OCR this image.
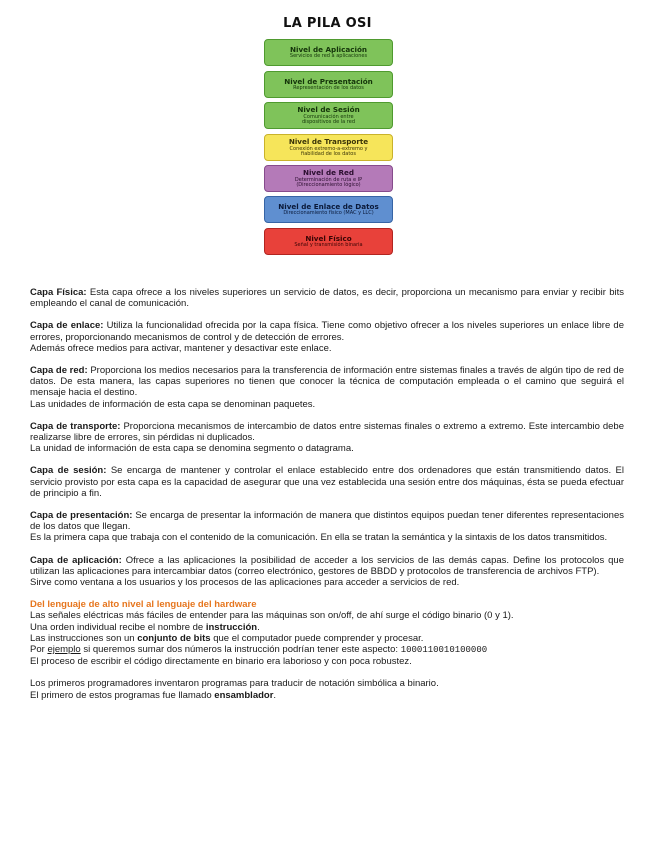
LA PILA OSI
Nivel de Aplicación
Servicios de red a aplicaciones
Nivel de Presentación
Representación de los datos
Nivel de Sesión
Comunicación entre dispositivos de la red
Nivel de Transporte
Conexión extremo-a-extremo y fiabilidad de los datos
Nivel de Red
Determinación de ruta e IP (Direccionamiento lógico)
Nivel de Enlace de Datos
Direccionamiento físico (MAC y LLC)
Nivel Físico
Señal y transmisión binaria

Capa Física: Esta capa ofrece a los niveles superiores un servicio de datos, es decir, proporciona un mecanismo para enviar y recibir bits empleando el canal de comunicación.

Capa de enlace: Utiliza la funcionalidad ofrecida por la capa física. Tiene como objetivo ofrecer a los niveles superiores un enlace libre de errores, proporcionando mecanismos de control y de detección de errores.
Además ofrece medios para activar, mantener y desactivar este enlace.

Capa de red: Proporciona los medios necesarios para la transferencia de información entre sistemas finales a través de algún tipo de red de datos. De esta manera, las capas superiores no tienen que conocer la técnica de computación empleada o el camino que seguirá el mensaje hacia el destino.
Las unidades de información de esta capa se denominan paquetes.

Capa de transporte: Proporciona mecanismos de intercambio de datos entre sistemas finales o extremo a extremo. Este intercambio debe realizarse libre de errores, sin pérdidas ni duplicados.
La unidad de información de esta capa se denomina segmento o datagrama.

Capa de sesión: Se encarga de mantener y controlar el enlace establecido entre dos ordenadores que están transmitiendo datos. El servicio provisto por esta capa es la capacidad de asegurar que una vez establecida una sesión entre dos máquinas, ésta se pueda efectuar de principio a fin.

Capa de presentación: Se encarga de presentar la información de manera que distintos equipos puedan tener diferentes representaciones de los datos que llegan.
Es la primera capa que trabaja con el contenido de la comunicación. En ella se tratan la semántica y la sintaxis de los datos transmitidos.

Capa de aplicación: Ofrece a las aplicaciones la posibilidad de acceder a los servicios de las demás capas. Define los protocolos que utilizan las aplicaciones para intercambiar datos (correo electrónico, gestores de BBDD y protocolos de transferencia de archivos FTP).
Sirve como ventana a los usuarios y los procesos de las aplicaciones para acceder a servicios de red.

Del lenguaje de alto nivel al lenguaje del hardware
Las señales eléctricas más fáciles de entender para las máquinas son on/off, de ahí surge el código binario (0 y 1).
Una orden individual recibe el nombre de instrucción.
Las instrucciones son un conjunto de bits que el computador puede comprender y procesar.
Por ejemplo si queremos sumar dos números la instrucción podrían tener este aspecto: 1000110010100000
El proceso de escribir el código directamente en binario era laborioso y con poca robustez.

Los primeros programadores inventaron programas para traducir de notación simbólica a binario.
El primero de estos programas fue llamado ensamblador.
